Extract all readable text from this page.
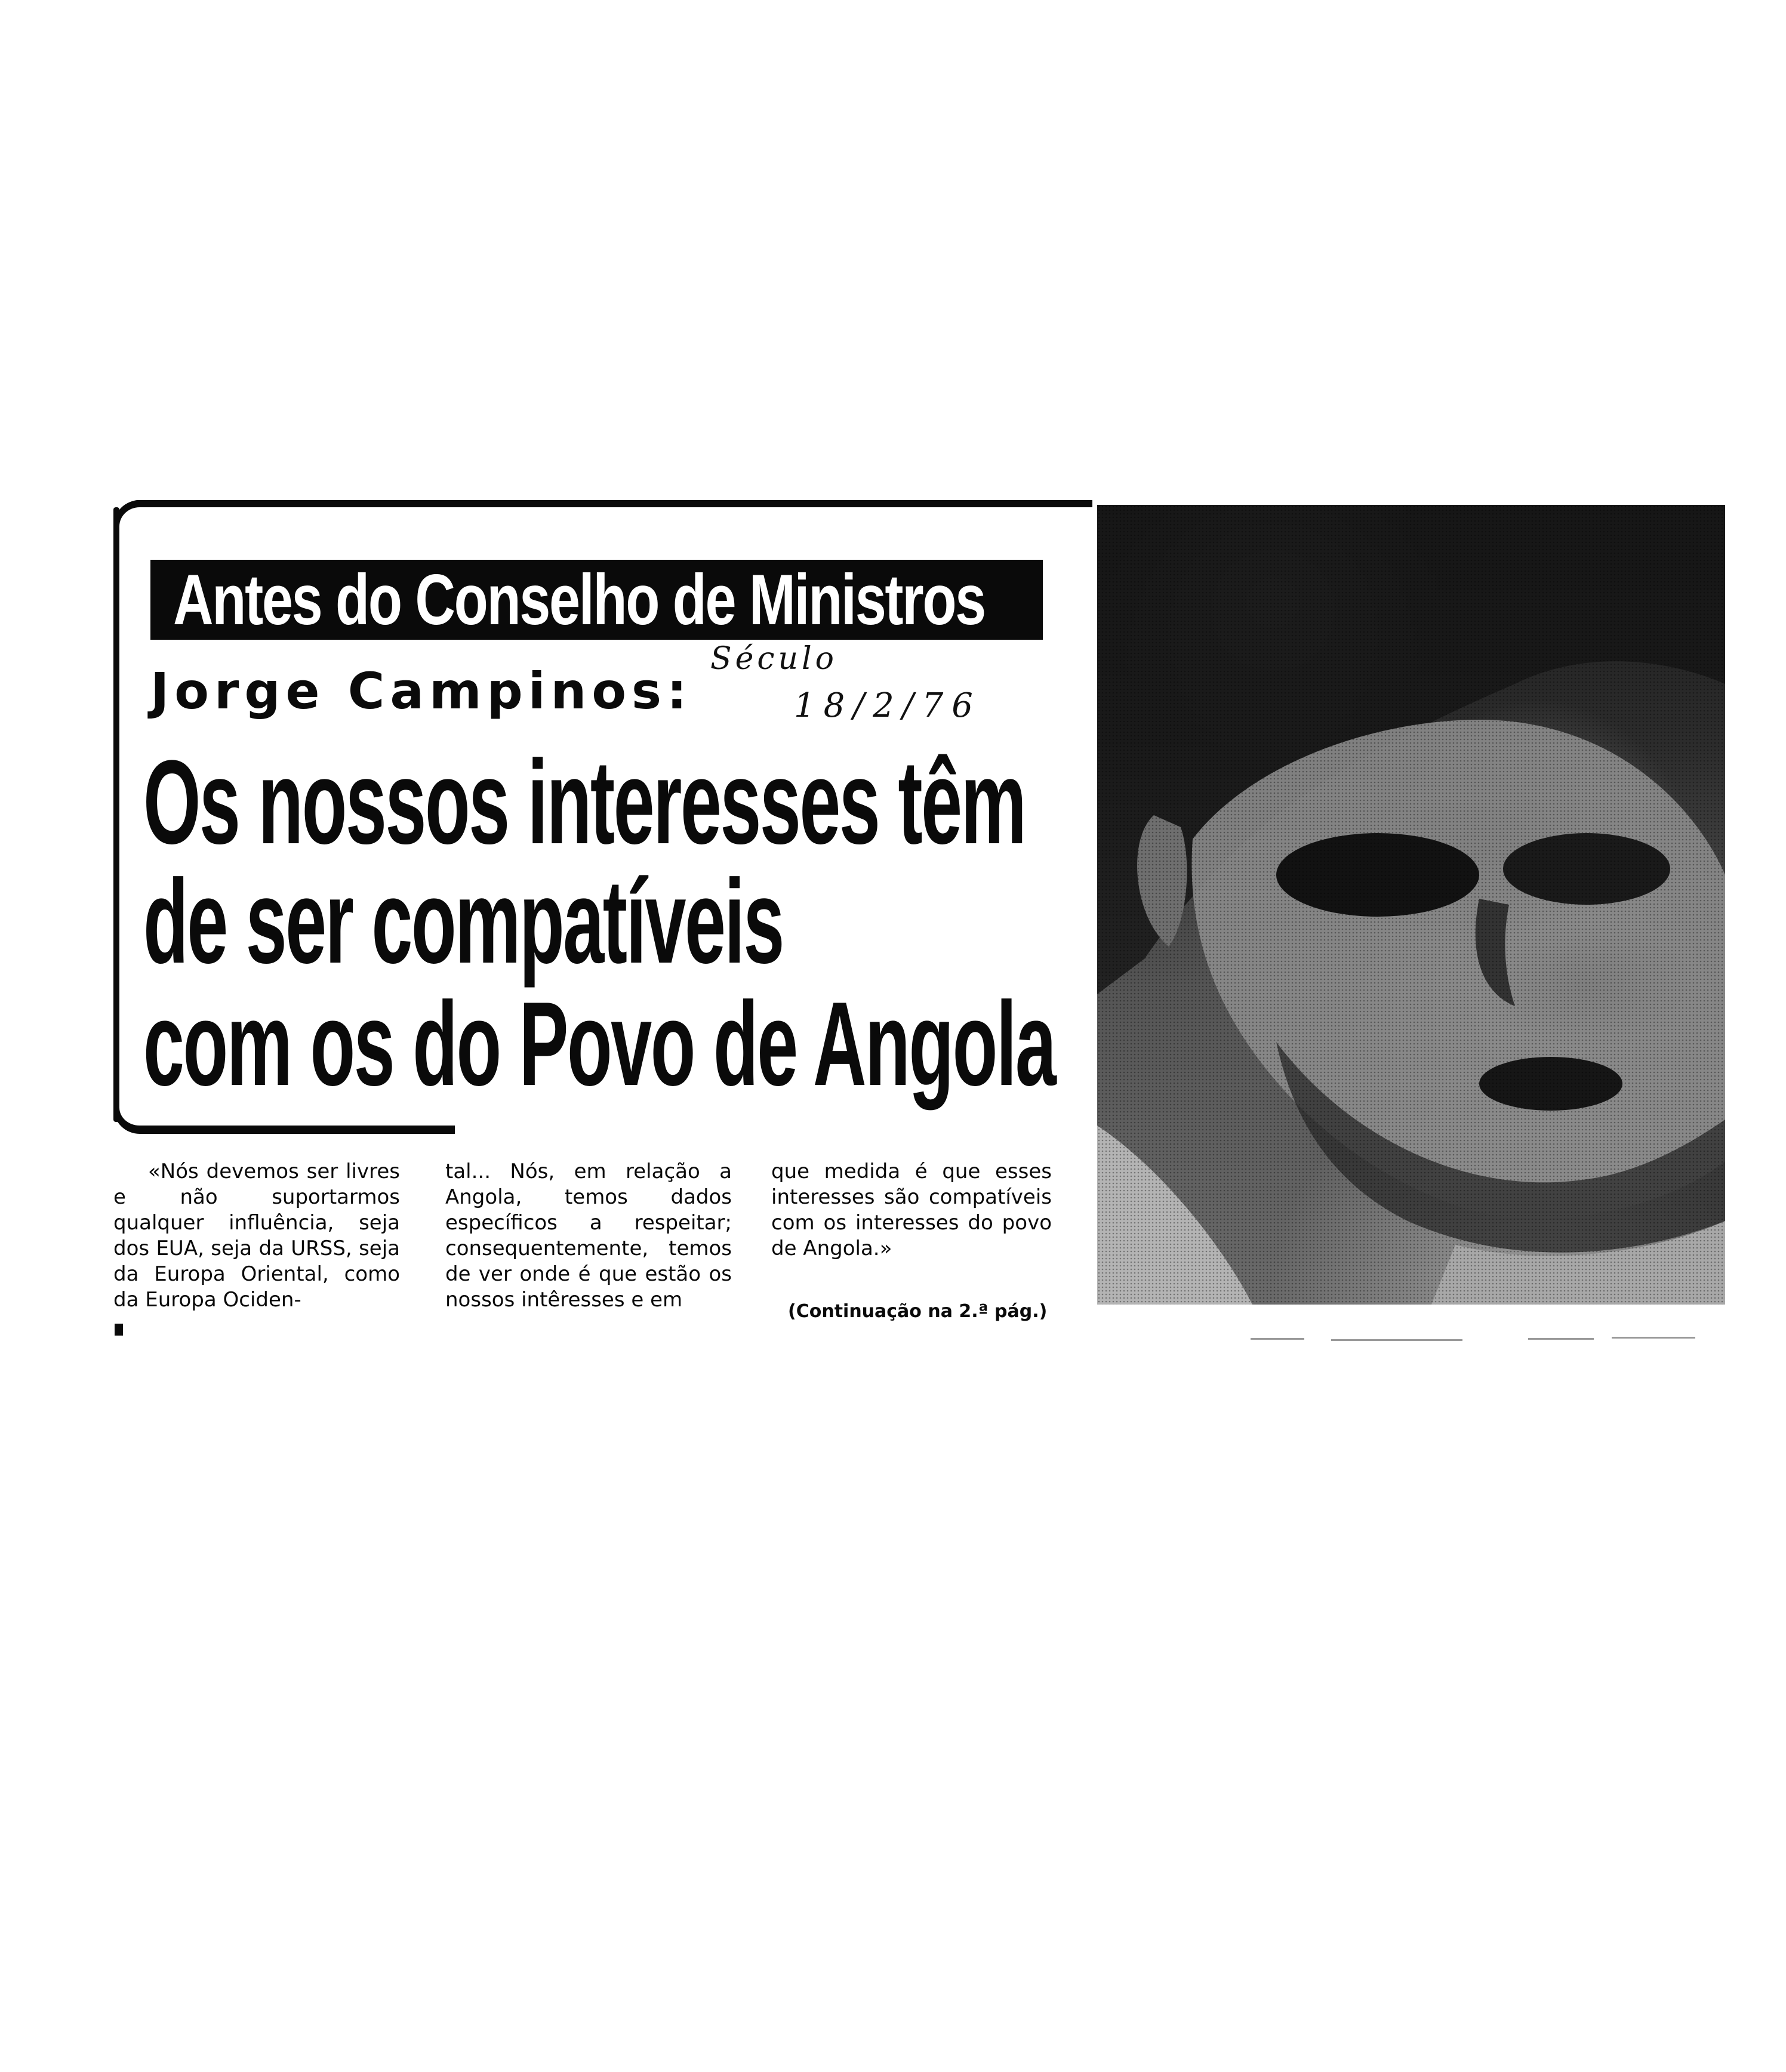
Antes do Conselho de Ministros
Jorge Campinos:
Século
18/2/76
Os nossos interesses têm
de ser compatíveis
com os do Povo de Angola

«Nós devemos ser livres e não suportarmos qualquer influência, seja dos EUA, seja da URSS, seja da Europa Oriental, como da Europa Ociden-

tal... Nós, em relação a Angola, temos dados específicos a respeitar; consequentemente, temos de ver onde é que estão os nossos intêresses e em

que medida é que esses interesses são compatíveis com os interesses do povo de Angola.»

(Continuação na 2.ª pág.)
